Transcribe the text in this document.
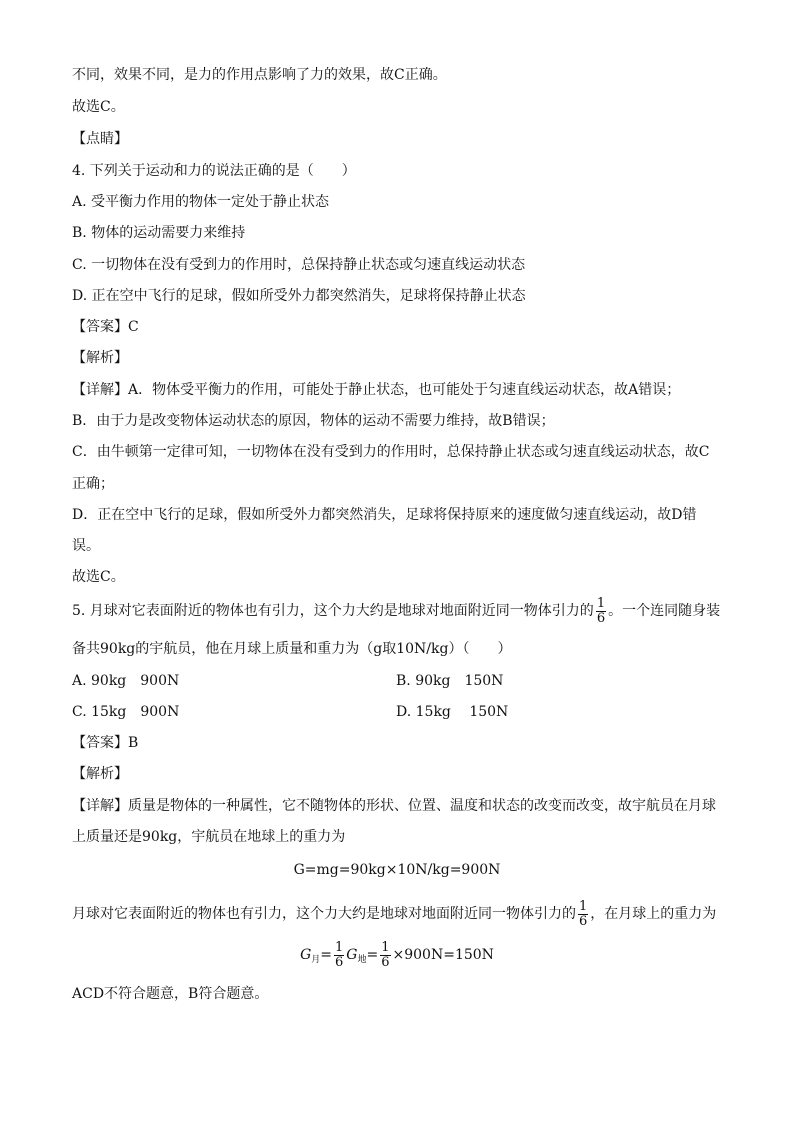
不同，效果不同，是力的作用点影响了力的效果，故C正确。
故选C。
【点睛】
4. 下列关于运动和力的说法正确的是（　　）
A. 受平衡力作用的物体一定处于静止状态
B. 物体的运动需要力来维持
C. 一切物体在没有受到力的作用时，总保持静止状态或匀速直线运动状态
D. 正在空中飞行的足球，假如所受外力都突然消失，足球将保持静止状态
【答案】C
【解析】
【详解】A．物体受平衡力的作用，可能处于静止状态，也可能处于匀速直线运动状态，故A错误；
B．由于力是改变物体运动状态的原因，物体的运动不需要力维持，故B错误；
C．由牛顿第一定律可知，一切物体在没有受到力的作用时，总保持静止状态或匀速直线运动状态，故C
正确；
D．正在空中飞行的足球，假如所受外力都突然消失，足球将保持原来的速度做匀速直线运动，故D错
误。
故选C。
5. 月球对它表面附近的物体也有引力，这个力大约是地球对地面附近同一物体引力的 $\frac{1}{6}$ 。一个连同随身装
备共90kg的宇航员，他在月球上质量和重力为（g取10N/kg）（　　）
A. 90kg　900N	B. 90kg　150N
C. 15kg　900N	D. 15kg　 150N
【答案】B
【解析】
【详解】质量是物体的一种属性，它不随物体的形状、位置、温度和状态的改变而改变，故宇航员在月球
上质量还是90kg，宇航员在地球上的重力为
G=mg=90kg×10N/kg=900N
月球对它表面附近的物体也有引力，这个力大约是地球对地面附近同一物体引力的 $\frac{1}{6}$ ，在月球上的重力为
$G_月= \frac{1}{6} G_地= \frac{1}{6} \times 900N=150N$
ACD不符合题意，B符合题意。
